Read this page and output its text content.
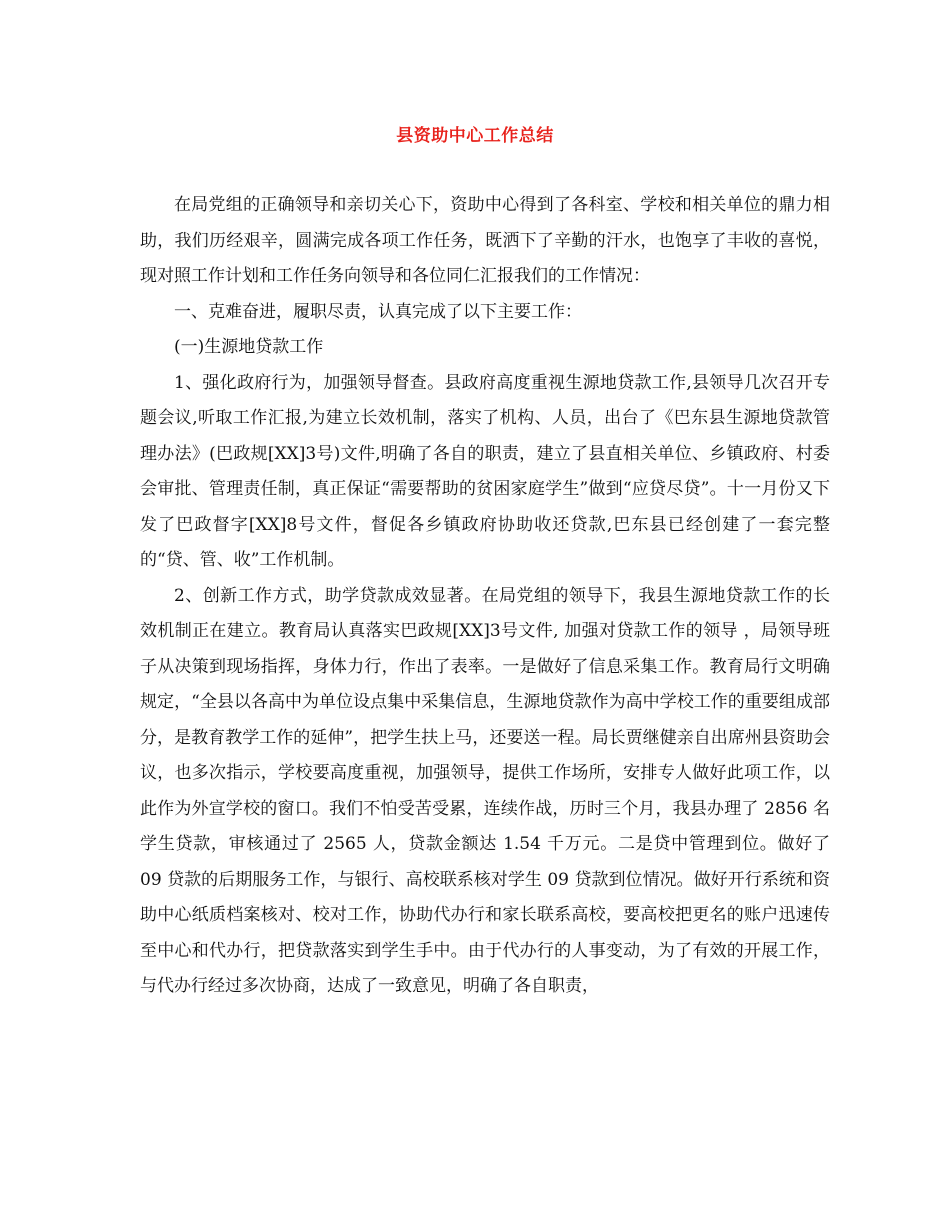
县资助中心工作总结

在局党组的正确领导和亲切关心下，资助中心得到了各科室、学校和相关单位的鼎力相助，我们历经艰辛，圆满完成各项工作任务，既洒下了辛勤的汗水，也饱享了丰收的喜悦，现对照工作计划和工作任务向领导和各位同仁汇报我们的工作情况：

一、克难奋进，履职尽责，认真完成了以下主要工作：

(一)生源地贷款工作

1、强化政府行为，加强领导督查。县政府高度重视生源地贷款工作,县领导几次召开专题会议,听取工作汇报,为建立长效机制，落实了机构、人员，出台了《巴东县生源地贷款管理办法》(巴政规[XX]3号)文件,明确了各自的职责，建立了县直相关单位、乡镇政府、村委会审批、管理责任制，真正保证“需要帮助的贫困家庭学生”做到“应贷尽贷”。十一月份又下发了巴政督字[XX]8号文件，督促各乡镇政府协助收还贷款,巴东县已经创建了一套完整的“贷、管、收”工作机制。

2、创新工作方式，助学贷款成效显著。在局党组的领导下，我县生源地贷款工作的长效机制正在建立。教育局认真落实巴政规[XX]3号文件, 加强对贷款工作的领导 ，局领导班子从决策到现场指挥，身体力行，作出了表率。一是做好了信息采集工作。教育局行文明确规定，“全县以各高中为单位设点集中采集信息，生源地贷款作为高中学校工作的重要组成部分，是教育教学工作的延伸”，把学生扶上马，还要送一程。局长贾继健亲自出席州县资助会议，也多次指示，学校要高度重视，加强领导，提供工作场所，安排专人做好此项工作，以此作为外宣学校的窗口。我们不怕受苦受累，连续作战，历时三个月，我县办理了 2856 名学生贷款，审核通过了 2565 人，贷款金额达 1.54 千万元。二是贷中管理到位。做好了 09 贷款的后期服务工作，与银行、高校联系核对学生 09 贷款到位情况。做好开行系统和资助中心纸质档案核对、校对工作，协助代办行和家长联系高校，要高校把更名的账户迅速传至中心和代办行，把贷款落实到学生手中。由于代办行的人事变动，为了有效的开展工作，与代办行经过多次协商，达成了一致意见，明确了各自职责，
